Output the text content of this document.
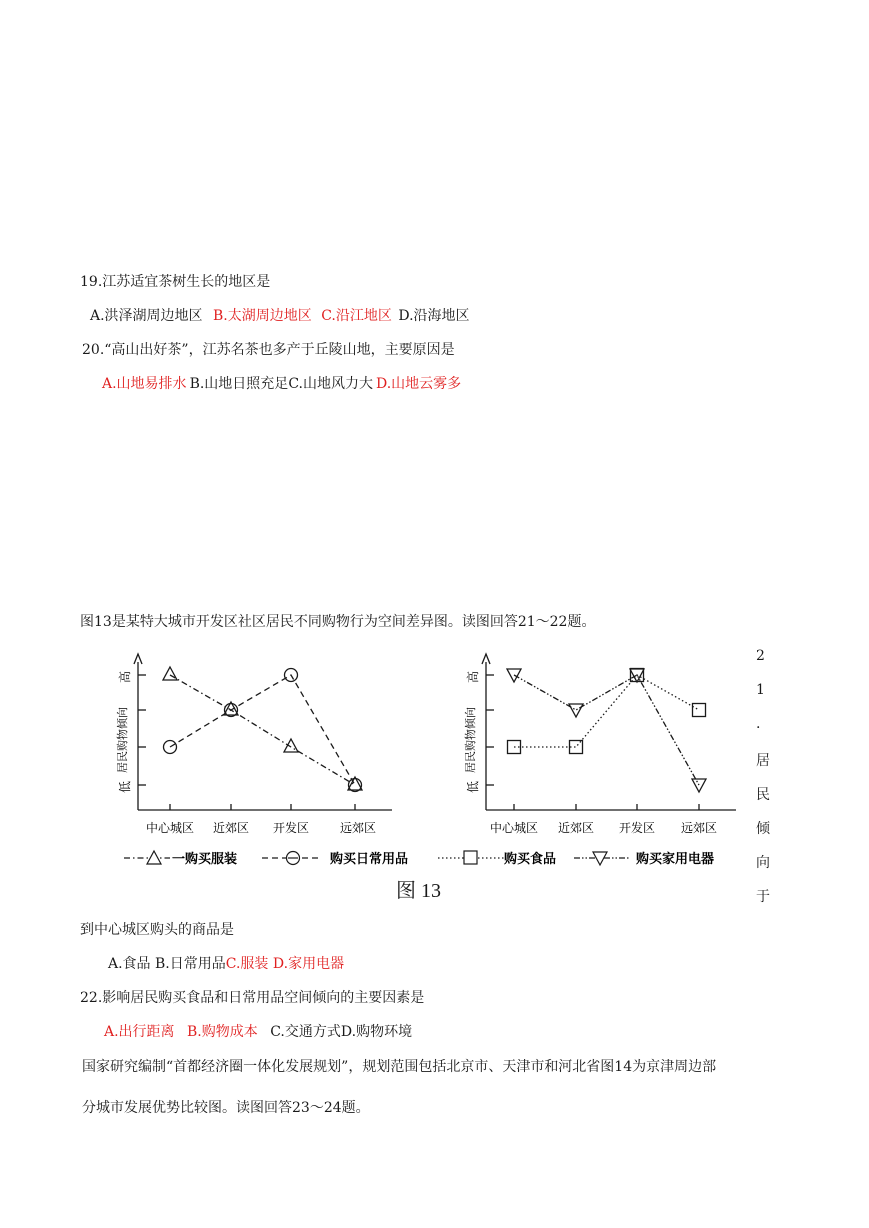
19.江苏适宜茶树生长的地区是
A.洪泽湖周边地区 B.太湖周边地区 C.沿江地区 D.沿海地区
20.“高山出好茶”，江苏名茶也多产于丘陵山地，主要原因是
A.山地易排水 B.山地日照充足C.山地风力大 D.山地云雾多
图13是某特大城市开发区社区居民不同购物行为空间差异图。读图回答21～22题。
高
低
居民购物倾向
中心城区 近郊区 开发区	远郊区
高
低
居民购物倾向
中心城区 近郊区 开发区 远郊区
一购买服装	购买日常用品	购买食品	购买家用电器
图 13
2
1
.
居
民
倾
向
于
到中心城区购头的商品是
A.食品 B.日常用品C.服装 D.家用电器
22.影响居民购买食品和日常用品空间倾向的主要因素是
A.出行距离 B.购物成本 C.交通方式D.购物环境
国家研究编制“首都经济圈一体化发展规划”，规划范围包括北京市、天津市和河北省图14为京津周边部
分城市发展优势比较图。读图回答23～24题。
